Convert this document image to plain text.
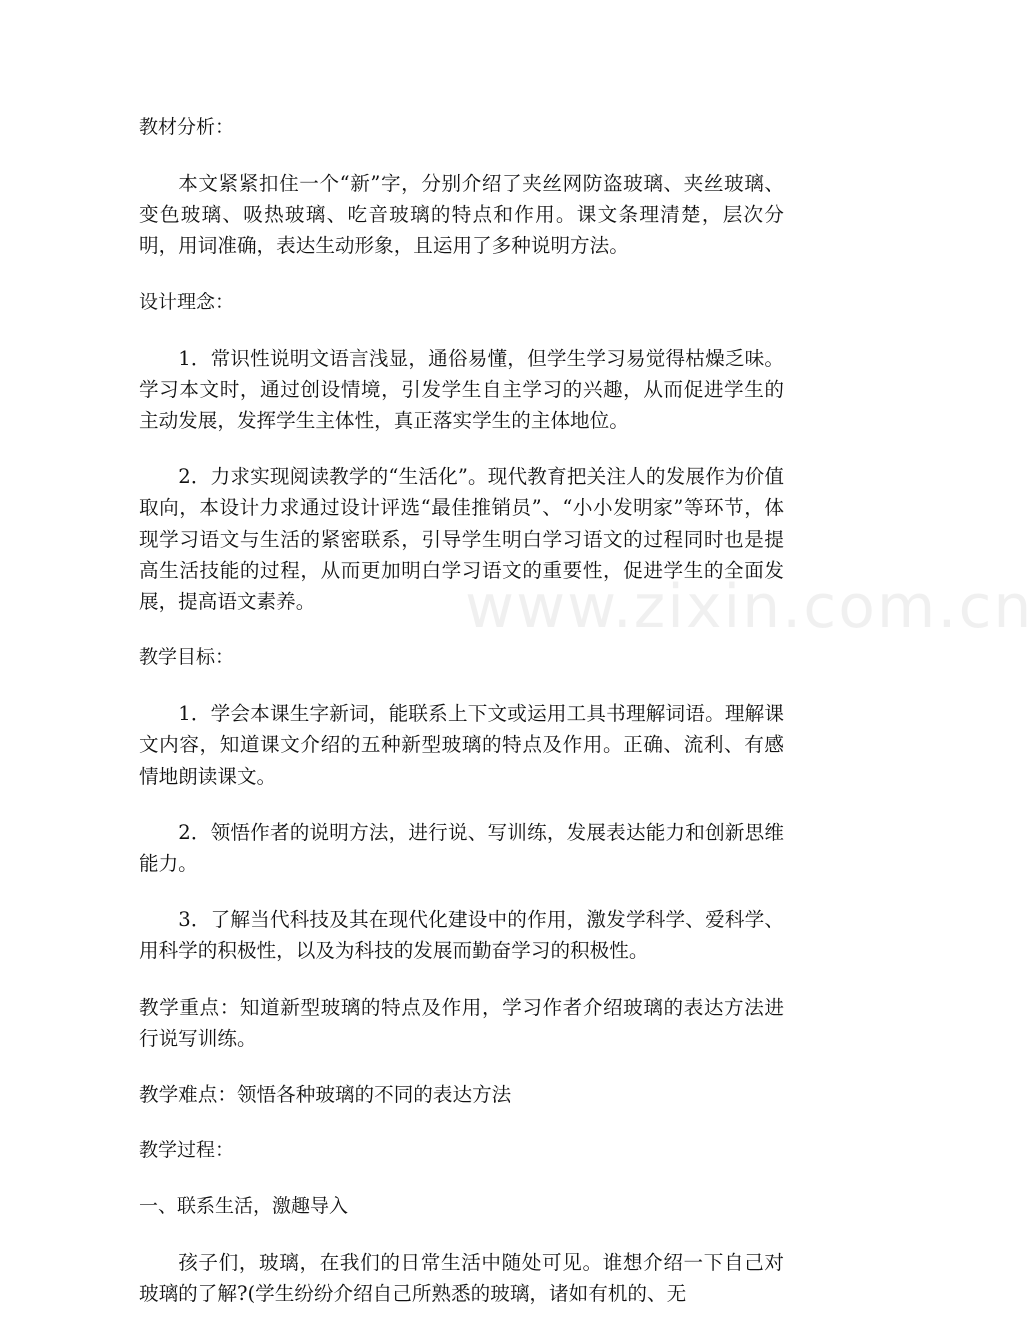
www.zixin.com.cn
教材分析：

本文紧紧扣住一个“新”字，分别介绍了夹丝网防盗玻璃、夹丝玻璃、变色玻璃、吸热玻璃、吃音玻璃的特点和作用。课文条理清楚，层次分明，用词准确，表达生动形象，且运用了多种说明方法。

设计理念：

1．常识性说明文语言浅显，通俗易懂，但学生学习易觉得枯燥乏味。学习本文时，通过创设情境，引发学生自主学习的兴趣，从而促进学生的主动发展，发挥学生主体性，真正落实学生的主体地位。

2．力求实现阅读教学的“生活化”。现代教育把关注人的发展作为价值取向，本设计力求通过设计评选“最佳推销员”、“小小发明家”等环节，体现学习语文与生活的紧密联系，引导学生明白学习语文的过程同时也是提高生活技能的过程，从而更加明白学习语文的重要性，促进学生的全面发展，提高语文素养。

教学目标：

1．学会本课生字新词，能联系上下文或运用工具书理解词语。理解课文内容，知道课文介绍的五种新型玻璃的特点及作用。正确、流利、有感情地朗读课文。

2．领悟作者的说明方法，进行说、写训练，发展表达能力和创新思维能力。

3．了解当代科技及其在现代化建设中的作用，激发学科学、爱科学、用科学的积极性，以及为科技的发展而勤奋学习的积极性。

教学重点：知道新型玻璃的特点及作用，学习作者介绍玻璃的表达方法进行说写训练。

教学难点：领悟各种玻璃的不同的表达方法

教学过程：
一、联系生活，激趣导入

孩子们，玻璃，在我们的日常生活中随处可见。谁想介绍一下自己对玻璃的了解?(学生纷纷介绍自己所熟悉的玻璃，诸如有机的、无
